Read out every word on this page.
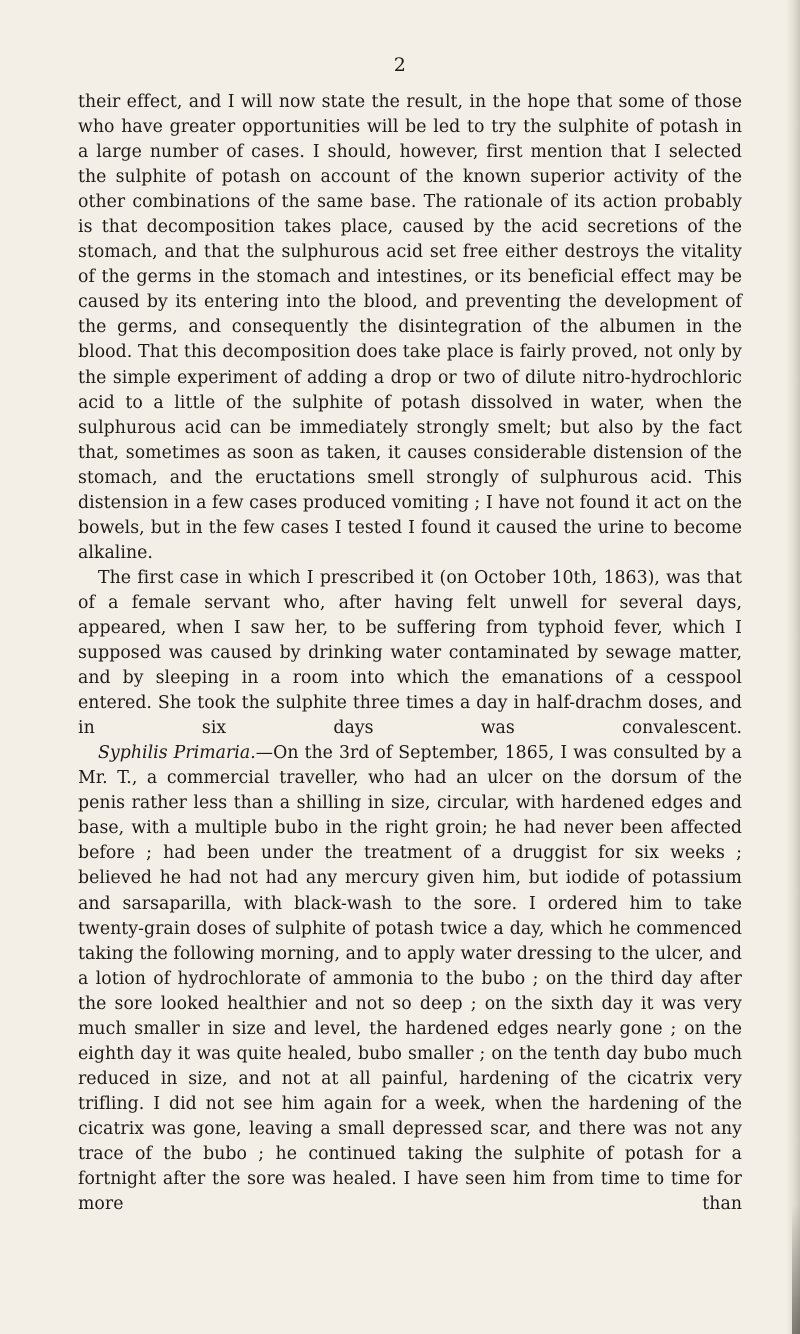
2

their effect, and I will now state the result, in the hope that some of those who have greater opportunities will be led to try the sulphite of potash in a large number of cases. I should, however, first mention that I selected the sulphite of potash on account of the known superior activity of the other combinations of the same base. The rationale of its action probably is that decomposition takes place, caused by the acid secretions of the stomach, and that the sulphurous acid set free either destroys the vitality of the germs in the stomach and intestines, or its beneficial effect may be caused by its entering into the blood, and preventing the development of the germs, and consequently the disintegration of the albumen in the blood. That this decomposition does take place is fairly proved, not only by the simple experiment of adding a drop or two of dilute nitro-hydrochloric acid to a little of the sulphite of potash dissolved in water, when the sulphurous acid can be immediately strongly smelt; but also by the fact that, sometimes as soon as taken, it causes considerable distension of the stomach, and the eructations smell strongly of sulphurous acid. This distension in a few cases produced vomiting ; I have not found it act on the bowels, but in the few cases I tested I found it caused the urine to become alkaline.

The first case in which I prescribed it (on October 10th, 1863), was that of a female servant who, after having felt unwell for several days, appeared, when I saw her, to be suffering from typhoid fever, which I supposed was caused by drinking water contaminated by sewage matter, and by sleeping in a room into which the emanations of a cesspool entered. She took the sulphite three times a day in half-drachm doses, and in six days was convalescent.

Syphilis Primaria.—On the 3rd of September, 1865, I was consulted by a Mr. T., a commercial traveller, who had an ulcer on the dorsum of the penis rather less than a shilling in size, circular, with hardened edges and base, with a multiple bubo in the right groin; he had never been affected before ; had been under the treatment of a druggist for six weeks ; believed he had not had any mercury given him, but iodide of potassium and sarsaparilla, with black-wash to the sore. I ordered him to take twenty-grain doses of sulphite of potash twice a day, which he commenced taking the following morning, and to apply water dressing to the ulcer, and a lotion of hydrochlorate of ammonia to the bubo ; on the third day after the sore looked healthier and not so deep ; on the sixth day it was very much smaller in size and level, the hardened edges nearly gone ; on the eighth day it was quite healed, bubo smaller ; on the tenth day bubo much reduced in size, and not at all painful, hardening of the cicatrix very trifling. I did not see him again for a week, when the hardening of the cicatrix was gone, leaving a small depressed scar, and there was not any trace of the bubo ; he continued taking the sulphite of potash for a fortnight after the sore was healed. I have seen him from time to time for more than
